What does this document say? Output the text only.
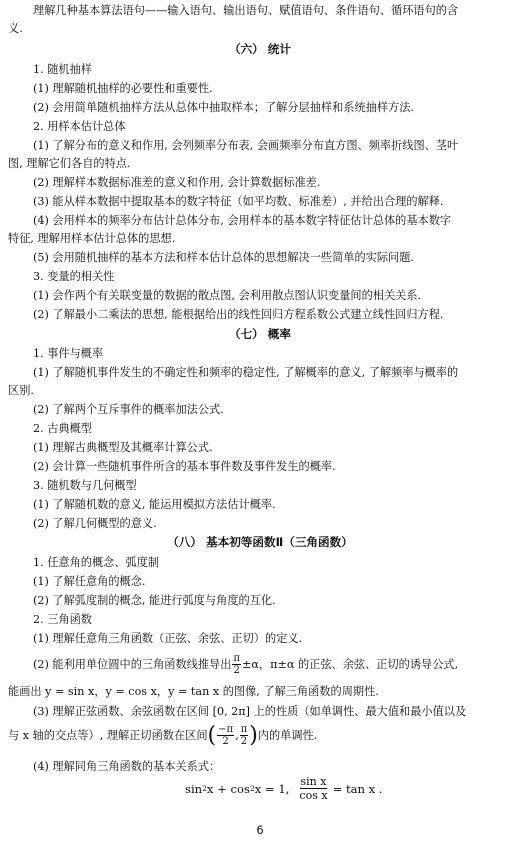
理解几种基本算法语句——输入语句、输出语句、赋值语句、条件语句、循环语句的含
义.
（六） 统计
1. 随机抽样
(1) 理解随机抽样的必要性和重要性.
(2) 会用简单随机抽样方法从总体中抽取样本；了解分层抽样和系统抽样方法.
2. 用样本估计总体
(1) 了解分布的意义和作用, 会列频率分布表, 会画频率分布直方图、频率折线图、茎叶
图, 理解它们各自的特点.
(2) 理解样本数据标准差的意义和作用, 会计算数据标准差.
(3) 能从样本数据中提取基本的数字特征（如平均数、标准差）, 并给出合理的解释.
(4) 会用样本的频率分布估计总体分布, 会用样本的基本数字特征估计总体的基本数字
特征, 理解用样本估计总体的思想.
(5) 会用随机抽样的基本方法和样本估计总体的思想解决一些简单的实际问题.
3. 变量的相关性
(1) 会作两个有关联变量的数据的散点图, 会利用散点图认识变量间的相关关系.
(2) 了解最小二乘法的思想, 能根据给出的线性回归方程系数公式建立线性回归方程.
（七） 概率
1. 事件与概率
(1) 了解随机事件发生的不确定性和频率的稳定性, 了解概率的意义, 了解频率与概率的
区别.
(2) 了解两个互斥事件的概率加法公式.
2. 古典概型
(1) 理解古典概型及其概率计算公式.
(2) 会计算一些随机事件所含的基本事件数及事件发生的概率.
3. 随机数与几何概型
(1) 了解随机数的意义, 能运用模拟方法估计概率.
(2) 了解几何概型的意义.
（八） 基本初等函数Ⅱ（三角函数）
1. 任意角的概念、弧度制
(1) 了解任意角的概念.
(2) 了解弧度制的概念, 能进行弧度与角度的互化.
2. 三角函数
(1) 理解任意角三角函数（正弦、余弦、正切）的定义.
(2) 能利用单位圆中的三角函数线推导出 $\frac{\pi}{2} \pm\alpha$，π±α 的正弦、余弦、正切的诱导公式,
能画出 y = sin x，y = cos x，y = tan x 的图像, 了解三角函数的周期性.
(3) 理解正弦函数、余弦函数在区间 [0, 2π] 上的性质（如单调性、最大值和最小值以及
与 x 轴的交点等）, 理解正切函数在区间 ( $\frac{-\pi}{2}$ , $\frac{\pi}{2}$ ) 内的单调性.
(4) 理解同角三角函数的基本关系式：
sin 2 x + cos 2 x = 1, $\frac{\text{sin x}}{\text{cos x}} = \tan x$ .
6
